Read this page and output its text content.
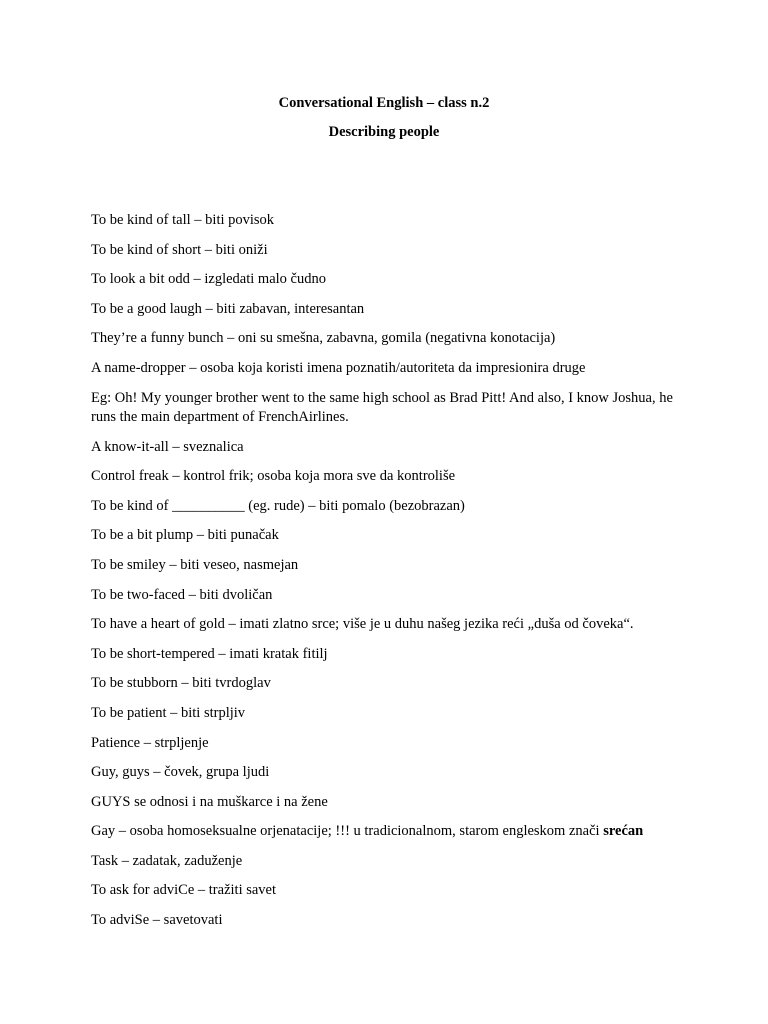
Conversational English – class n.2
Describing people
To be kind of tall – biti povisok
To be kind of short – biti oniži
To look a bit odd – izgledati malo čudno
To be a good laugh – biti zabavan, interesantan
They’re a funny bunch – oni su smešna, zabavna, gomila (negativna konotacija)
A name-dropper – osoba koja koristi imena poznatih/autoriteta da impresionira druge
Eg: Oh! My younger brother went to the same high school as Brad Pitt! And also, I know Joshua, he runs the main department of FrenchAirlines.
A know-it-all – sveznalica
Control freak – kontrol frik; osoba koja mora sve da kontroliše
To be kind of __________ (eg. rude) – biti pomalo (bezobrazan)
To be a bit plump – biti punačak
To be smiley – biti veseo, nasmejan
To be two-faced – biti dvoličan
To have a heart of gold – imati zlatno srce; više je u duhu našeg jezika reći „duša od čoveka“.
To be short-tempered – imati kratak fitilj
To be stubborn – biti tvrdoglav
To be patient – biti strpljiv
Patience – strpljenje
Guy, guys – čovek, grupa ljudi
GUYS se odnosi i na muškarce i na žene
Gay – osoba homoseksualne orjenatacije; !!! u tradicionalnom, starom engleskom znači srećan
Task – zadatak, zaduženje
To ask for adviCe – tražiti savet
To adviSe – savetovati
